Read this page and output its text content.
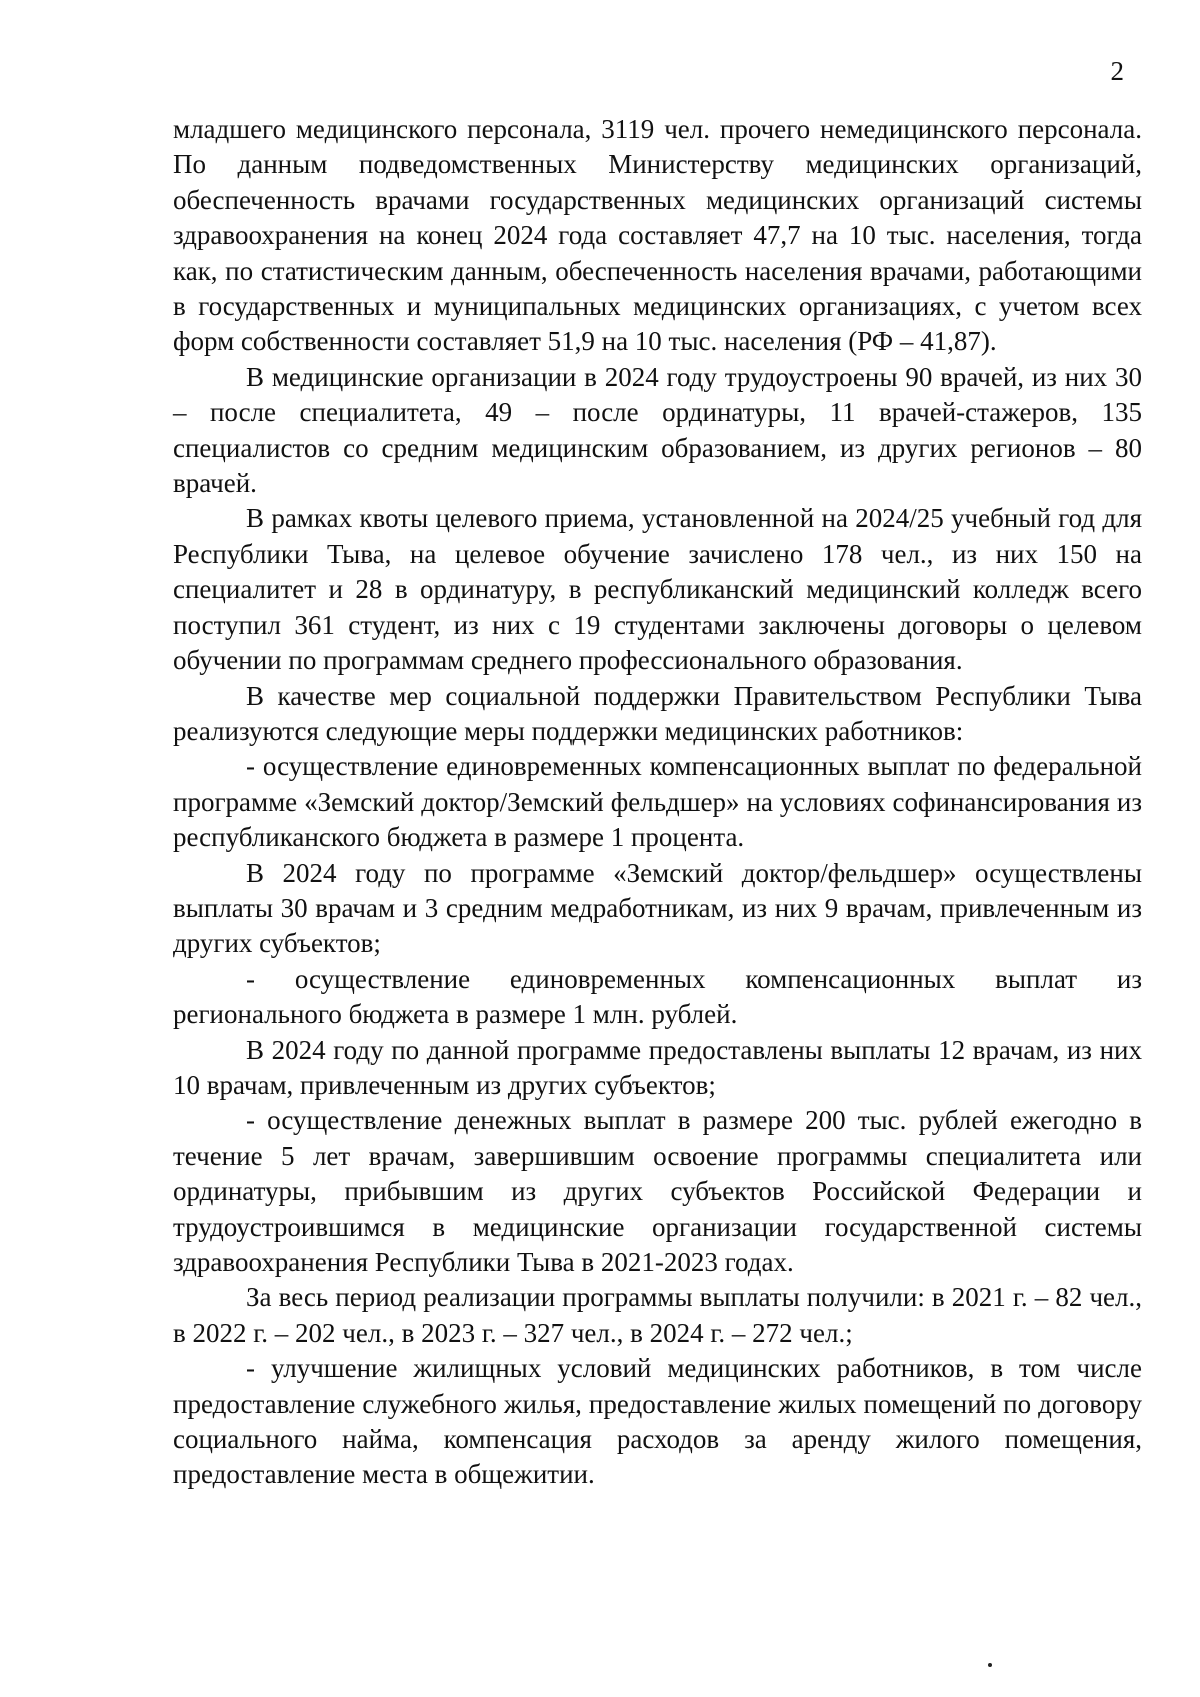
2

младшего медицинского персонала, 3119 чел. прочего немедицинского персонала. По данным подведомственных Министерству медицинских организаций, обеспеченность врачами государственных медицинских организаций системы здравоохранения на конец 2024 года составляет 47,7 на 10 тыс. населения, тогда как, по статистическим данным, обеспеченность населения врачами, работающими в государственных и муниципальных медицинских организациях, с учетом всех форм собственности составляет 51,9 на 10 тыс. населения (РФ – 41,87).

В медицинские организации в 2024 году трудоустроены 90 врачей, из них 30 – после специалитета, 49 – после ординатуры, 11 врачей-стажеров, 135 специалистов со средним медицинским образованием, из других регионов – 80 врачей.

В рамках квоты целевого приема, установленной на 2024/25 учебный год для Республики Тыва, на целевое обучение зачислено 178 чел., из них 150 на специалитет и 28 в ординатуру, в республиканский медицинский колледж всего поступил 361 студент, из них с 19 студентами заключены договоры о целевом обучении по программам среднего профессионального образования.

В качестве мер социальной поддержки Правительством Республики Тыва реализуются следующие меры поддержки медицинских работников:

- осуществление единовременных компенсационных выплат по федеральной программе «Земский доктор/Земский фельдшер» на условиях софинансирования из республиканского бюджета в размере 1 процента.

В 2024 году по программе «Земский доктор/фельдшер» осуществлены выплаты 30 врачам и 3 средним медработникам, из них 9 врачам, привлеченным из других субъектов;

- осуществление единовременных компенсационных выплат из регионального бюджета в размере 1 млн. рублей.

В 2024 году по данной программе предоставлены выплаты 12 врачам, из них 10 врачам, привлеченным из других субъектов;

- осуществление денежных выплат в размере 200 тыс. рублей ежегодно в течение 5 лет врачам, завершившим освоение программы специалитета или ординатуры, прибывшим из других субъектов Российской Федерации и трудоустроившимся в медицинские организации государственной системы здравоохранения Республики Тыва в 2021-2023 годах.

За весь период реализации программы выплаты получили: в 2021 г. – 82 чел., в 2022 г. – 202 чел., в 2023 г. – 327 чел., в 2024 г. – 272 чел.;

- улучшение жилищных условий медицинских работников, в том числе предоставление служебного жилья, предоставление жилых помещений по договору социального найма, компенсация расходов за аренду жилого помещения, предоставление места в общежитии.
